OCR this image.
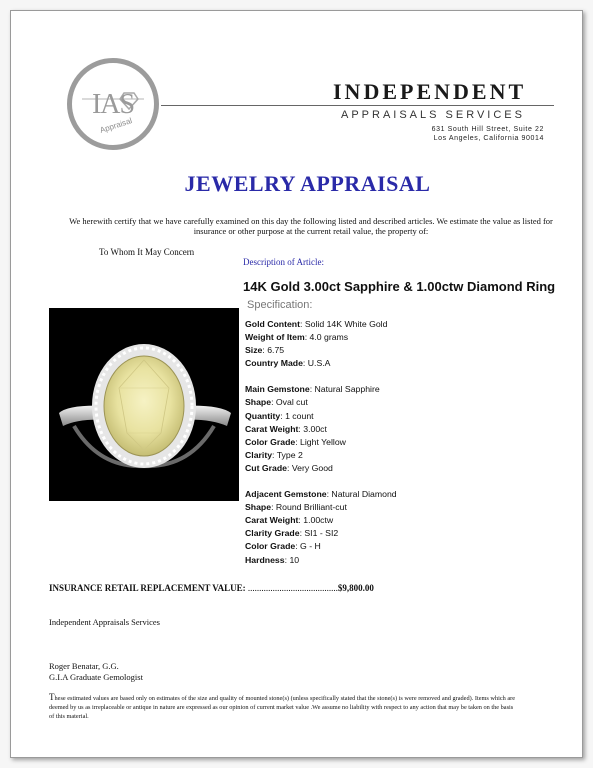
IAS
Appraisal
INDEPENDENT
APPRAISALS SERVICES
631 South Hill Street, Suite 22
Los Angeles, California 90014
JEWELRY APPRAISAL
We herewith certify that we have carefully examined on this day the following listed and described articles. We estimate the value as listed for insurance or other purpose at the current retail value, the property of:
To Whom It May Concern
Description of Article:
14K Gold 3.00ct Sapphire & 1.00ctw Diamond Ring
Specification:
Gold Content: Solid 14K White Gold
Weight of Item: 4.0 grams
Size: 6.75
Country Made: U.S.A
Main Gemstone: Natural Sapphire
Shape: Oval cut
Quantity: 1 count
Carat Weight: 3.00ct
Color Grade: Light Yellow
Clarity: Type 2
Cut Grade: Very Good
Adjacent Gemstone: Natural Diamond
Shape: Round Brilliant-cut
Carat Weight: 1.00ctw
Clarity Grade: SI1 - SI2
Color Grade: G - H
Hardness: 10
INSURANCE RETAIL REPLACEMENT VALUE: ........................................$9,800.00
Independent Appraisals Services
Roger Benatar, G.G.
G.I.A Graduate Gemologist
These estimated values are based only on estimates of the size and quality of mounted stone(s) (unless specifically stated that the stone(s) is were removed and graded). Items which are deemed by us as irreplaceable or antique in nature are expressed as our opinion of current market value .We assume no liability with respect to any action that may be taken on the basis of this material.
